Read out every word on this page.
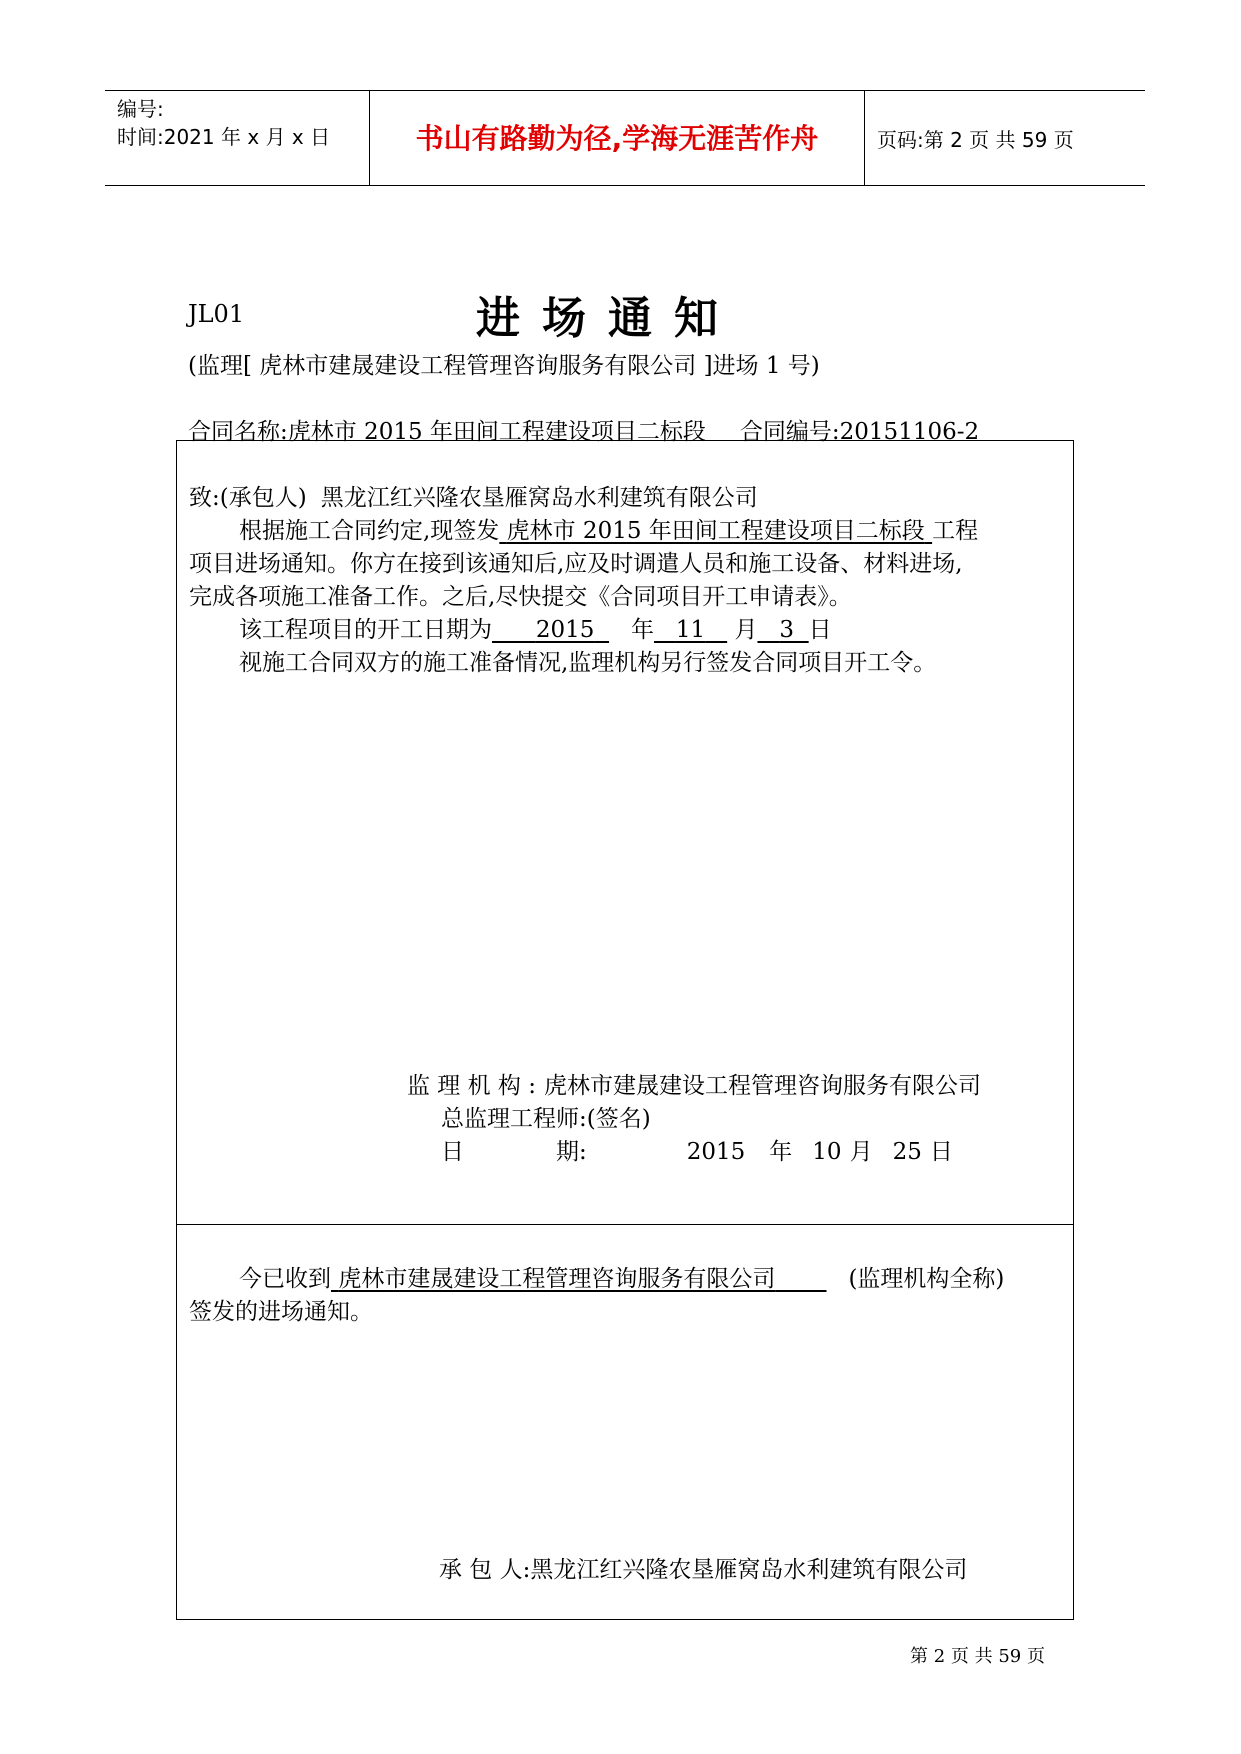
编号:
时间:2021 年 x 月 x 日	书山有路勤为径,学海无涯苦作舟	页码:第 2 页 共 59 页
JL01	进场通知
(监理[ 虎林市建晟建设工程管理咨询服务有限公司 ]进场 1 号)
合同名称:虎林市 2015 年田间工程建设项目二标段 合同编号:20151106-2
致:(承包人) 黑龙江红兴隆农垦雁窝岛水利建筑有限公司
根据施工合同约定,现签发 虎林市 2015 年田间工程建设项目二标段 工程
项目进场通知。你方在接到该通知后,应及时调遣人员和施工设备、材料进场,
完成各项施工准备工作。之后,尽快提交《合同项目开工申请表》。
该工程项目的开工日期为 2015 年 11 月 3 日
视施工合同双方的施工准备情况,监理机构另行签发合同项目开工令。
监 理 机 构 : 虎林市建晟建设工程管理咨询服务有限公司
总监理工程师:(签名)
日	期:	2015 年 10 月 25 日
今已收到 虎林市建晟建设工程管理咨询服务有限公司	(监理机构全称)
签发的进场通知。
承 包 人:黑龙江红兴隆农垦雁窝岛水利建筑有限公司
第 2 页 共 59 页
